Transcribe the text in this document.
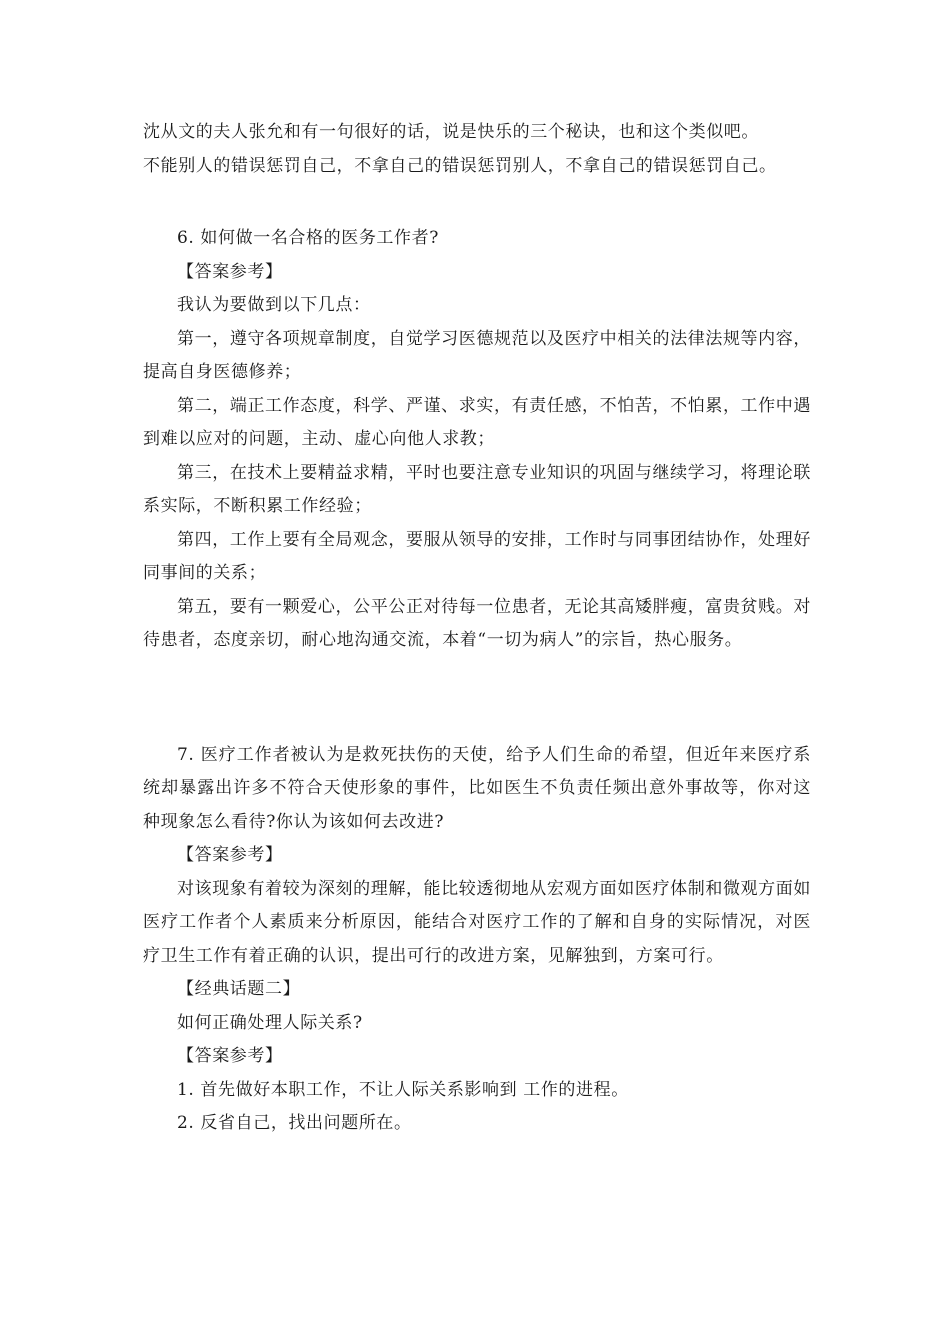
沈从文的夫人张允和有一句很好的话，说是快乐的三个秘诀，也和这个类似吧。

不能别人的错误惩罚自己，不拿自己的错误惩罚别人，不拿自己的错误惩罚自己。

6. 如何做一名合格的医务工作者?

【答案参考】

我认为要做到以下几点：

第一，遵守各项规章制度，自觉学习医德规范以及医疗中相关的法律法规等内容，提高自身医德修养；

第二，端正工作态度，科学、严谨、求实，有责任感，不怕苦，不怕累，工作中遇到难以应对的问题，主动、虚心向他人求教；

第三，在技术上要精益求精，平时也要注意专业知识的巩固与继续学习，将理论联系实际，不断积累工作经验；

第四，工作上要有全局观念，要服从领导的安排，工作时与同事团结协作，处理好同事间的关系；

第五，要有一颗爱心，公平公正对待每一位患者，无论其高矮胖瘦，富贵贫贱。对待患者，态度亲切，耐心地沟通交流，本着“一切为病人”的宗旨，热心服务。

7. 医疗工作者被认为是救死扶伤的天使，给予人们生命的希望，但近年来医疗系统却暴露出许多不符合天使形象的事件，比如医生不负责任频出意外事故等，你对这种现象怎么看待?你认为该如何去改进?

【答案参考】

对该现象有着较为深刻的理解，能比较透彻地从宏观方面如医疗体制和微观方面如医疗工作者个人素质来分析原因，能结合对医疗工作的了解和自身的实际情况，对医疗卫生工作有着正确的认识，提出可行的改进方案，见解独到，方案可行。

【经典话题二】

如何正确处理人际关系?

【答案参考】

1. 首先做好本职工作，不让人际关系影响到 工作的进程。

2. 反省自己，找出问题所在。
